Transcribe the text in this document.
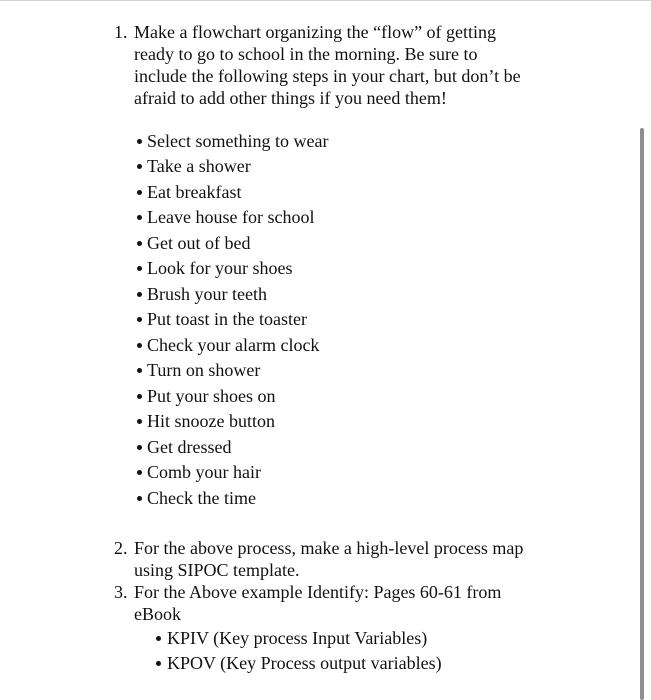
1. Make a flowchart organizing the “flow” of getting
ready to go to school in the morning. Be sure to
include the following steps in your chart, but don’t be
afraid to add other things if you need them!
Select something to wear
Take a shower
Eat breakfast
Leave house for school
Get out of bed
Look for your shoes
Brush your teeth
Put toast in the toaster
Check your alarm clock
Turn on shower
Put your shoes on
Hit snooze button
Get dressed
Comb your hair
Check the time
2. For the above process, make a high-level process map
using SIPOC template.
3. For the Above example Identify: Pages 60-61 from
eBook
KPIV (Key process Input Variables)
KPOV (Key Process output variables)
